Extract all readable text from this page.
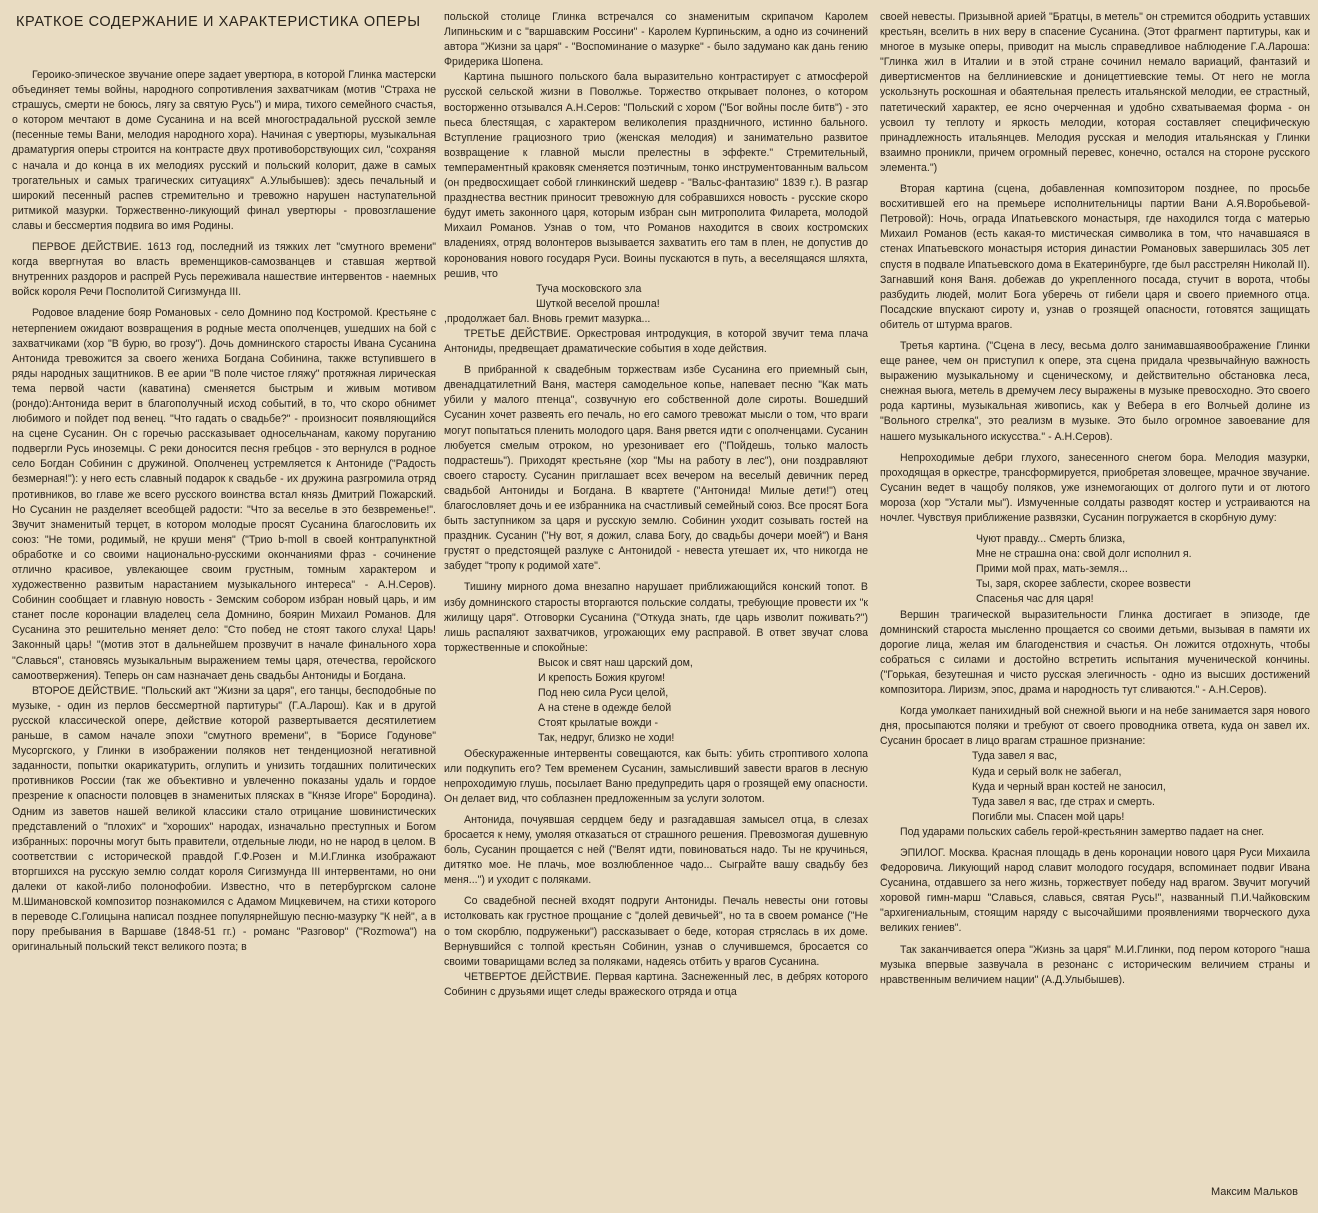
КРАТКОЕ СОДЕРЖАНИЕ И ХАРАКТЕРИСТИКА ОПЕРЫ

Героико-эпическое звучание опере задает увертюра, в которой Глинка мастерски объединяет темы войны, народного сопротивления захватчикам (мотив "Страха не страшусь, смерти не боюсь, лягу за святую Русь") и мира, тихого семейного счастья, о котором мечтают в доме Сусанина и на всей многострадальной русской земле (песенные темы Вани, мелодия народного хора). Начиная с увертюры, музыкальная драматургия оперы строится на контрасте двух противоборствующих сил, "сохраняя с начала и до конца в их мелодиях русский и польский колорит, даже в самых трогательных и самых трагических ситуациях" А.Улыбышев): здесь печальный и широкий песенный распев стремительно и тревожно нарушен наступательной ритмикой мазурки. Торжественно-ликующий финал увертюры - провозглашение славы и бессмертия подвига во имя Родины.

ПЕРВОЕ ДЕЙСТВИЕ. 1613 год, последний из тяжких лет "смутного времени" когда ввергнутая во власть временщиков-самозванцев и ставшая жертвой внутренних раздоров и распрей Русь переживала нашествие интервентов - наемных войск короля Речи Посполитой Сигизмунда III.

Родовое владение бояр Романовых - село Домнино под Костромой. Крестьяне с нетерпением ожидают возвращения в родные места ополченцев, ушедших на бой с захватчиками (хор "В бурю, во грозу"). Дочь домнинского старосты Ивана Сусанина Антонида тревожится за своего жениха Богдана Собинина, также вступившего в ряды народных защитников. В ее арии "В поле чистое гляжу" протяжная лирическая тема первой части (каватина) сменяется быстрым и живым мотивом (рондо):Антонида верит в благополучный исход событий, в то, что скоро обнимет любимого и пойдет под венец. "Что гадать о свадьбе?" - произносит появляющийся на сцене Сусанин. Он с горечью рассказывает односельчанам, какому поруганию подвергли Русь иноземцы. С реки доносится песня гребцов - это вернулся в родное село Богдан Собинин с дружиной. Ополченец устремляется к Антониде ("Радость безмерная!"): у него есть славный подарок к свадьбе - их дружина разгромила отряд противников, во главе же всего русского воинства встал князь Дмитрий Пожарский. Но Сусанин не разделяет всеобщей радости: "Что за веселье в это безвременье!". Звучит знаменитый терцет, в котором молодые просят Сусанина благословить их союз: "Не томи, родимый, не круши меня" ("Трио b-moll в своей контрапунктной обработке и со своими национально-русскими окончаниями фраз - сочинение отлично красивое, увлекающее своим грустным, томным характером и художественно развитым нарастанием музыкального интереса" - А.Н.Серов). Собинин сообщает и главную новость - Земским собором избран новый царь, и им станет после коронации владелец села Домнино, боярин Михаил Романов. Для Сусанина это решительно меняет дело: "Сто побед не стоят такого слуха! Царь! Законный царь! "(мотив этот в дальнейшем прозвучит в начале финального хора "Славься", становясь музыкальным выражением темы царя, отечества, геройского самоотвержения). Теперь он сам назначает день свадьбы Антониды и Богдана.

ВТОРОЕ ДЕЙСТВИЕ. "Польский акт "Жизни за царя", его танцы, бесподобные по музыке, - один из перлов бессмертной партитуры" (Г.А.Ларош). Как и в другой русской классической опере, действие которой развертывается десятилетием раньше, в самом начале эпохи "смутного времени", в "Борисе Годунове" Мусоргского, у Глинки в изображении поляков нет тенденциозной негативной заданности, попытки окарикатурить, оглупить и унизить тогдашних политических противников России (так же объективно и увлеченно показаны удаль и гордое презрение к опасности половцев в знаменитых плясках в "Князе Игоре" Бородина). Одним из заветов нашей великой классики стало отрицание шовинистических представлений о "плохих" и "хороших" народах, изначально преступных и Богом избранных: порочны могут быть правители, отдельные люди, но не народ в целом. В соответствии с исторической правдой Г.Ф.Розен и М.И.Глинка изображают вторгшихся на русскую землю солдат короля Сигизмунда III интервентами, но они далеки от какой-либо полонофобии. Известно, что в петербургском салоне М.Шимановской композитор познакомился с Адамом Мицкевичем, на стихи которого в переводе С.Голицына написал позднее популярнейшую песню-мазурку "К ней", а в пору пребывания в Варшаве (1848-51 гг.) - романс "Разговор" ("Rozmowa") на оригинальный польский текст великого поэта; в

польской столице Глинка встречался со знаменитым скрипачом Каролем Липиньским и с "варшавским Россини" - Каролем Курпиньским, а одно из сочинений автора "Жизни за царя" - "Воспоминание о мазурке" - было задумано как дань гению Фридерика Шопена.

Картина пышного польского бала выразительно контрастирует с атмосферой русской сельской жизни в Поволжье. Торжество открывает полонез, о котором восторженно отзывался А.Н.Серов: "Польский с хором ("Бог войны после битв") - это пьеса блестящая, с характером великолепия праздничного, истинно бального. Вступление грациозного трио (женская мелодия) и занимательно развитое возвращение к главной мысли прелестны в эффекте." Стремительный, темпераментный краковяк сменяется поэтичным, тонко инструментованным вальсом (он предвосхищает собой глинкинский шедевр - "Вальс-фантазию" 1839 г.). В разгар празднества вестник приносит тревожную для собравшихся новость - русские скоро будут иметь законного царя, которым избран сын митрополита Филарета, молодой Михаил Романов. Узнав о том, что Романов находится в своих костромских владениях, отряд волонтеров вызывается захватить его там в плен, не допустив до коронования нового государя Руси. Воины пускаются в путь, а веселящаяся шляхта, решив, что

Туча московского зла
Шуткой веселой прошла!

,продолжает бал. Вновь гремит мазурка...

ТРЕТЬЕ ДЕЙСТВИЕ. Оркестровая интродукция, в которой звучит тема плача Антониды, предвещает драматические события в ходе действия.

В прибранной к свадебным торжествам избе Сусанина его приемный сын, двенадцатилетний Ваня, мастеря самодельное копье, напевает песню "Как мать убили у малого птенца", созвучную его собственной доле сироты. Вошедший Сусанин хочет развеять его печаль, но его самого тревожат мысли о том, что враги могут попытаться пленить молодого царя. Ваня рвется идти с ополченцами. Сусанин любуется смелым отроком, но урезонивает его ("Пойдешь, только малость подрастешь"). Приходят крестьяне (хор "Мы на работу в лес"), они поздравляют своего старосту. Сусанин приглашает всех вечером на веселый девичник перед свадьбой Антониды и Богдана. В квартете ("Антонида! Милые дети!") отец благословляет дочь и ее избранника на счастливый семейный союз. Все просят Бога быть заступником за царя и русскую землю. Собинин уходит созывать гостей на праздник. Сусанин ("Ну вот, я дожил, слава Богу, до свадьбы дочери моей") и Ваня грустят о предстоящей разлуке с Антонидой - невеста утешает их, что никогда не забудет "тропу к родимой хате".

Тишину мирного дома внезапно нарушает приближающийся конский топот. В избу домнинского старосты вторгаются польские солдаты, требующие провести их "к жилищу царя". Отговорки Сусанина ("Откуда знать, где царь изволит поживать?") лишь распаляют захватчиков, угрожающих ему расправой. В ответ звучат слова торжественные и спокойные:

Высок и свят наш царский дом,
И крепость Божия кругом!
Под нею сила Руси целой,
А на стене в одежде белой
Стоят крылатые вожди -
Так, недруг, близко не ходи!

Обескураженные интервенты совещаются, как быть: убить строптивого холопа или подкупить его? Тем временем Сусанин, замысливший завести врагов в лесную непроходимую глушь, посылает Ваню предупредить царя о грозящей ему опасности. Он делает вид, что соблазнен предложенным за услуги золотом.

Антонида, почуявшая сердцем беду и разгадавшая замысел отца, в слезах бросается к нему, умоляя отказаться от страшного решения. Превозмогая душевную боль, Сусанин прощается с ней ("Велят идти, повиноваться надо. Ты не кручинься, дитятко мое. Не плачь, мое возлюбленное чадо... Сыграйте вашу свадьбу без меня...") и уходит с поляками.

Со свадебной песней входят подруги Антониды. Печаль невесты они готовы истолковать как грустное прощание с "долей девичьей", но та в своем романсе ("Не о том скорблю, подруженьки") рассказывает о беде, которая стряслась в их доме. Вернувшийся с толпой крестьян Собинин, узнав о случившемся, бросается со своими товарищами вслед за поляками, надеясь отбить у врагов Сусанина.

ЧЕТВЕРТОЕ ДЕЙСТВИЕ. Первая картина. Заснеженный лес, в дебрях которого Собинин с друзьями ищет следы вражеского отряда и отца

своей невесты. Призывной арией "Братцы, в метель" он стремится ободрить уставших крестьян, вселить в них веру в спасение Сусанина. (Этот фрагмент партитуры, как и многое в музыке оперы, приводит на мысль справедливое наблюдение Г.А.Лароша: "Глинка жил в Италии и в этой стране сочинил немало вариаций, фантазий и дивертисментов на беллиниевские и доницеттиевские темы. От него не могла ускользнуть роскошная и обаятельная прелесть итальянской мелодии, ее страстный, патетический характер, ее ясно очерченная и удобно схватываемая форма - он усвоил ту теплоту и яркость мелодии, которая составляет специфическую принадлежность итальянцев. Мелодия русская и мелодия итальянская у Глинки взаимно проникли, причем огромный перевес, конечно, остался на стороне русского элемента.")

Вторая картина (сцена, добавленная композитором позднее, по просьбе восхитившей его на премьере исполнительницы партии Вани А.Я.Воробьевой-Петровой): Ночь, ограда Ипатьевского монастыря, где находился тогда с матерью Михаил Романов (есть какая-то мистическая символика в том, что начавшаяся в стенах Ипатьевского монастыря история династии Романовых завершилась 305 лет спустя в подвале Ипатьевского дома в Екатеринбурге, где был расстрелян Николай II). Загнавший коня Ваня. добежав до укрепленного посада, стучит в ворота, чтобы разбудить людей, молит Бога уберечь от гибели царя и своего приемного отца. Посадские впускают сироту и, узнав о грозящей опасности, готовятся защищать обитель от штурма врагов.

Третья картина. ("Сцена в лесу, весьма долго занимавшаявоображение Глинки еще ранее, чем он приступил к опере, эта сцена придала чрезвычайную важность выражению музыкальному и сценическому, и действительно обстановка леса, снежная вьюга, метель в дремучем лесу выражены в музыке превосходно. Это своего рода картины, музыкальная живопись, как у Вебера в его Волчьей долине из "Вольного стрелка", это реализм в музыке. Это было огромное завоевание для нашего музыкального искусства." - А.Н.Серов).

Непроходимые дебри глухого, занесенного снегом бора. Мелодия мазурки, проходящая в оркестре, трансформируется, приобретая зловещее, мрачное звучание. Сусанин ведет в чащобу поляков, уже изнемогающих от долгого пути и от лютого мороза (хор "Устали мы"). Измученные солдаты разводят костер и устраиваются на ночлег. Чувствуя приближение развязки, Сусанин погружается в скорбную думу:

Чуют правду... Смерть близка,
Мне не страшна она: свой долг исполнил я.
Прими мой прах, мать-земля...
Ты, заря, скорее заблести, скорее возвести
Спасенья час для царя!

Вершин трагической выразительности Глинка достигает в эпизоде, где домнинский староста мысленно прощается со своими детьми, вызывая в памяти их дорогие лица, желая им благоденствия и счастья. Он ложится отдохнуть, чтобы собраться с силами и достойно встретить испытания мученической кончины. ("Горькая, безутешная и чисто русская элегичность - одно из высших достижений композитора. Лиризм, эпос, драма и народность тут сливаются." - А.Н.Серов).

Когда умолкает панихидный вой снежной вьюги и на небе занимается заря нового дня, просыпаются поляки и требуют от своего проводника ответа, куда он завел их. Сусанин бросает в лицо врагам страшное признание:

Туда завел я вас,
Куда и серый волк не забегал,
Куда и черный вран костей не заносил,
Туда завел я вас, где страх и смерть.
Погибли мы. Спасен мой царь!

Под ударами польских сабель герой-крестьянин замертво падает на снег.

ЭПИЛОГ. Москва. Красная площадь в день коронации нового царя Руси Михаила Федоровича. Ликующий народ славит молодого государя, вспоминает подвиг Ивана Сусанина, отдавшего за него жизнь, торжествует победу над врагом. Звучит могучий хоровой гимн-марш "Славься, славься, святая Русь!", названный П.И.Чайковским "архигениальным, стоящим наряду с высочайшими проявлениями творческого духа великих гениев".

Так заканчивается опера "Жизнь за царя" М.И.Глинки, под пером которого "наша музыка впервые зазвучала в резонанс с историческим величием страны и нравственным величием нации" (А.Д.Улыбышев).

Максим Мальков
